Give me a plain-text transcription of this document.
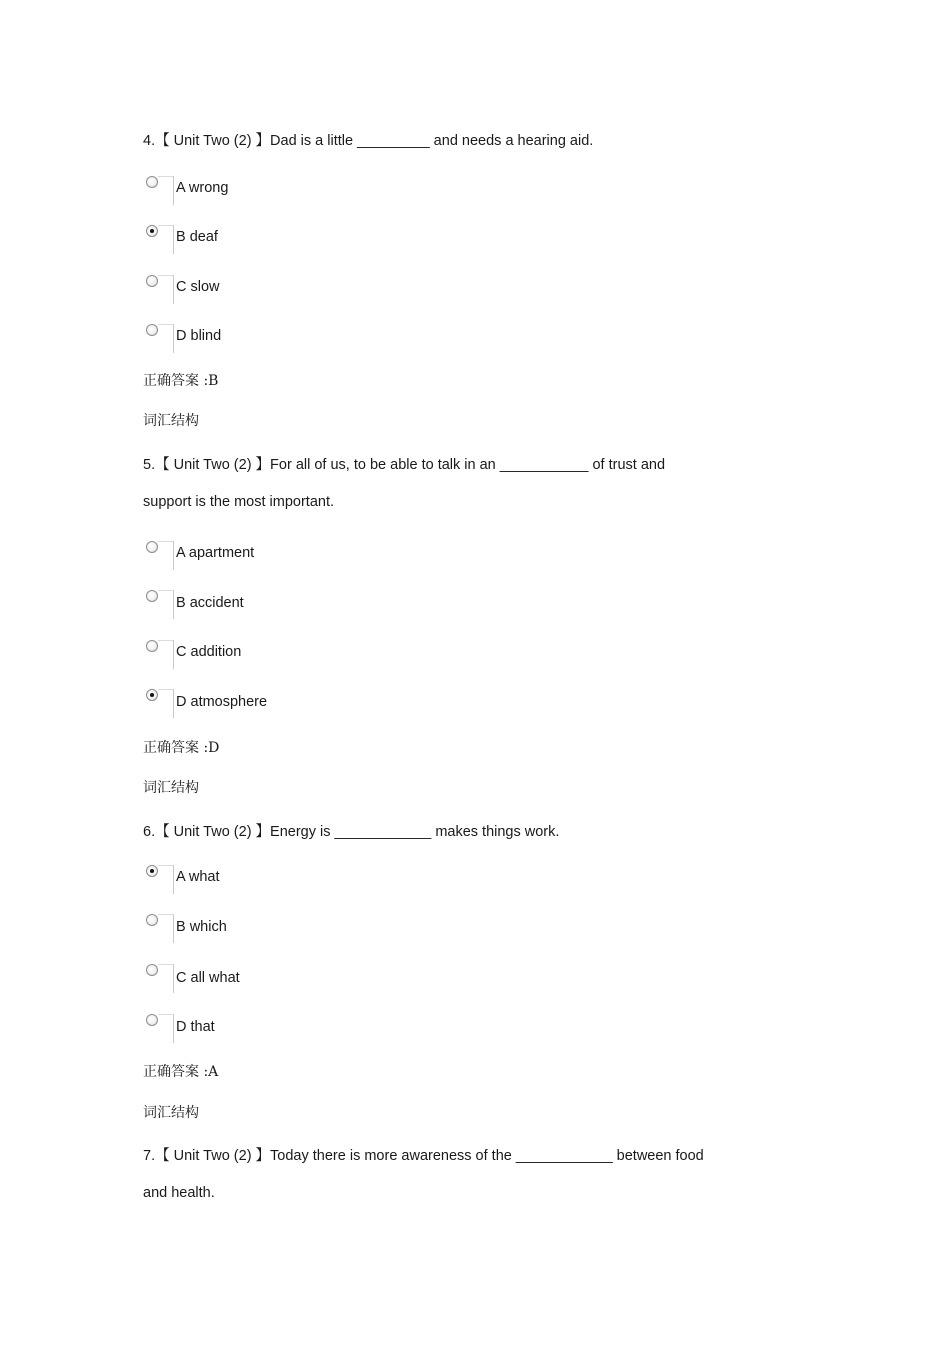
4.【 Unit Two (2) 】Dad is a little _________ and needs a hearing aid.
A wrong
B deaf
C slow
D blind
正确答案 :B
词汇结构
5.【 Unit Two (2) 】For all of us, to be able to talk in an ___________ of trust and
support is the most important.
A apartment
B accident
C addition
D atmosphere
正确答案 :D
词汇结构
6.【 Unit Two (2) 】Energy is ____________ makes things work.
A what
B which
C all what
D that
正确答案 :A
词汇结构
7.【 Unit Two (2) 】Today there is more awareness of the ____________ between food
and health.
